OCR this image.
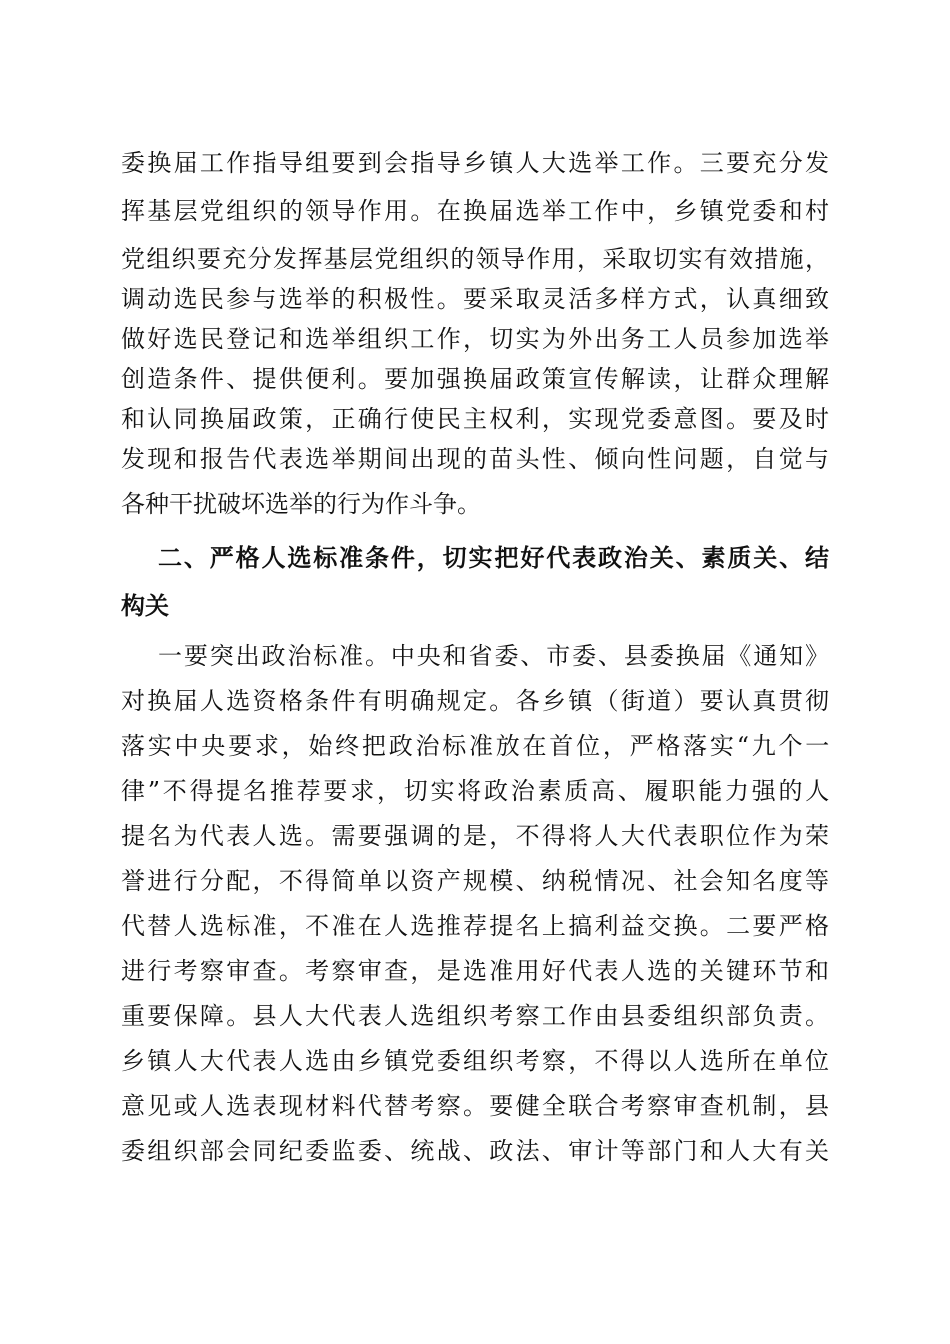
委换届工作指导组要到会指导乡镇人大选举工作。三要充分发
挥基层党组织的领导作用。在换届选举工作中，乡镇党委和村
党组织要充分发挥基层党组织的领导作用，采取切实有效措施，
调动选民参与选举的积极性。要采取灵活多样方式，认真细致
做好选民登记和选举组织工作，切实为外出务工人员参加选举
创造条件、提供便利。要加强换届政策宣传解读，让群众理解
和认同换届政策，正确行使民主权利，实现党委意图。要及时
发现和报告代表选举期间出现的苗头性、倾向性问题，自觉与
各种干扰破坏选举的行为作斗争。
二、严格人选标准条件，切实把好代表政治关、素质关、结
构关
一要突出政治标准。中央和省委、市委、县委换届《通知》
对换届人选资格条件有明确规定。各乡镇（街道）要认真贯彻
落实中央要求，始终把政治标准放在首位，严格落实“九个一
律”不得提名推荐要求，切实将政治素质高、履职能力强的人
提名为代表人选。需要强调的是，不得将人大代表职位作为荣
誉进行分配，不得简单以资产规模、纳税情况、社会知名度等
代替人选标准，不准在人选推荐提名上搞利益交换。二要严格
进行考察审查。考察审查，是选准用好代表人选的关键环节和
重要保障。县人大代表人选组织考察工作由县委组织部负责。
乡镇人大代表人选由乡镇党委组织考察，不得以人选所在单位
意见或人选表现材料代替考察。要健全联合考察审查机制，县
委组织部会同纪委监委、统战、政法、审计等部门和人大有关
